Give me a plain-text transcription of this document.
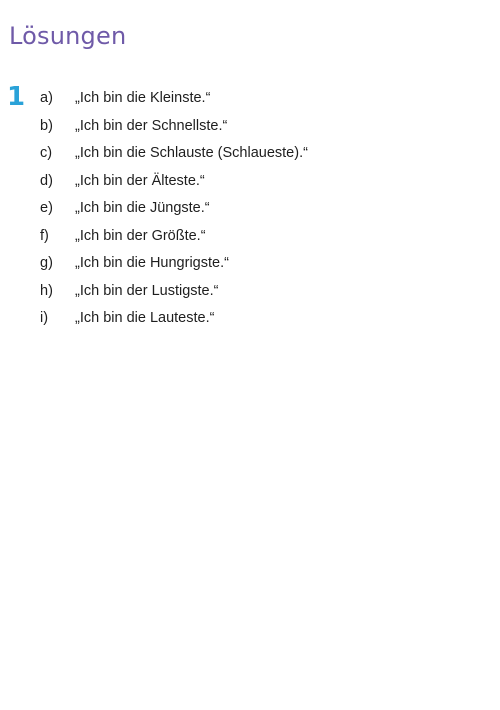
Lösungen
1 a)	„Ich bin die Kleinste.“
b)	„Ich bin der Schnellste.“
c)	„Ich bin die Schlauste (Schlaueste).“
d)	„Ich bin der Älteste.“
e)	„Ich bin die Jüngste.“
f)	„Ich bin der Größte.“
g)	„Ich bin die Hungrigste.“
h)	„Ich bin der Lustigste.“
i)	„Ich bin die Lauteste.“
